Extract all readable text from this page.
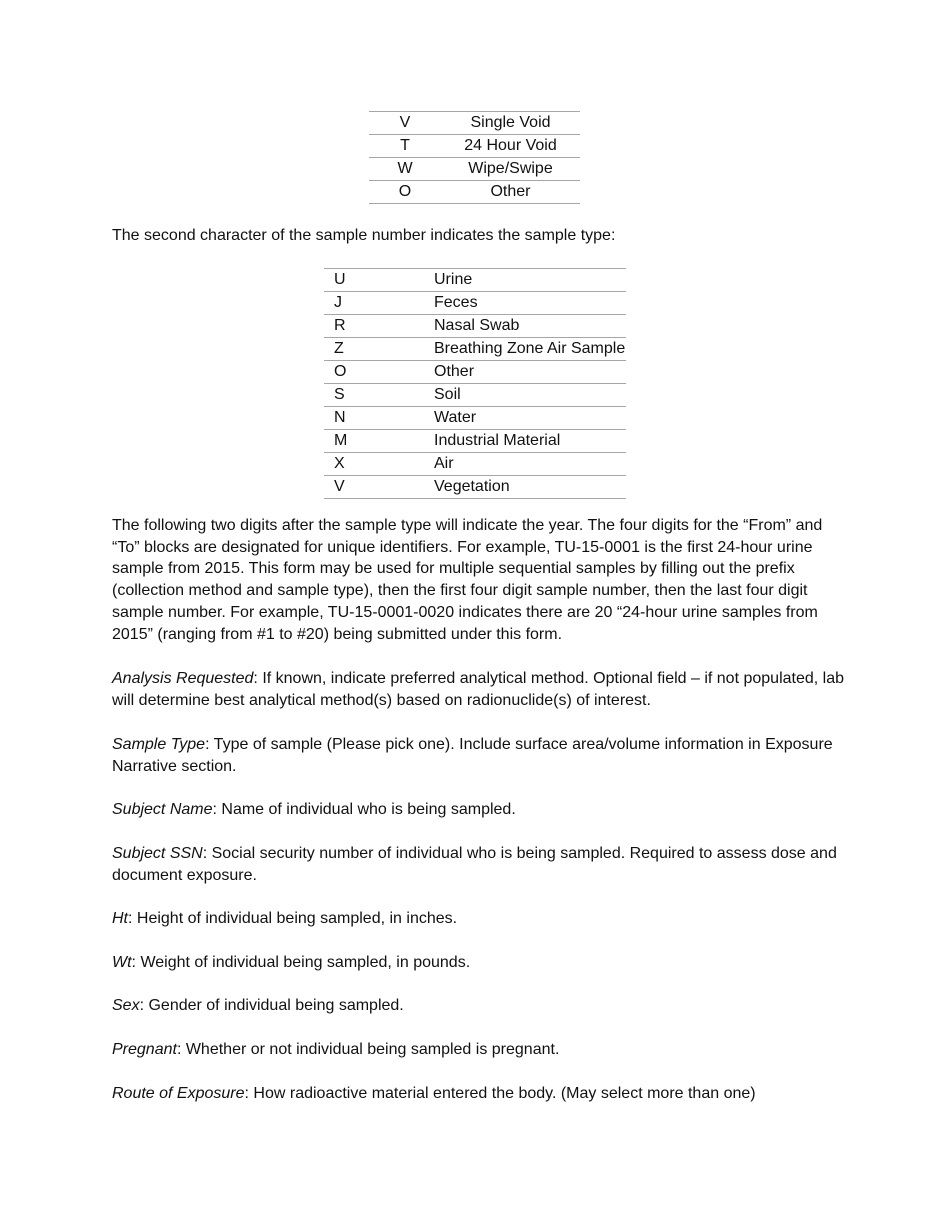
V	Single Void
T	24 Hour Void
W	Wipe/Swipe
O	Other

The second character of the sample number indicates the sample type:

U	Urine
J	Feces
R	Nasal Swab
Z	Breathing Zone Air Sample
O	Other
S	Soil
N	Water
M	Industrial Material
X	Air
V	Vegetation

The following two digits after the sample type will indicate the year. The four digits for the “From” and “To” blocks are designated for unique identifiers. For example, TU-15-0001 is the first 24-hour urine sample from 2015. This form may be used for multiple sequential samples by filling out the prefix (collection method and sample type), then the first four digit sample number, then the last four digit sample number. For example, TU-15-0001-0020 indicates there are 20 “24-hour urine samples from 2015” (ranging from #1 to #20) being submitted under this form.

Analysis Requested: If known, indicate preferred analytical method. Optional field – if not populated, lab will determine best analytical method(s) based on radionuclide(s) of interest.

Sample Type: Type of sample (Please pick one). Include surface area/volume information in Exposure Narrative section.

Subject Name: Name of individual who is being sampled.

Subject SSN: Social security number of individual who is being sampled. Required to assess dose and document exposure.

Ht: Height of individual being sampled, in inches.

Wt: Weight of individual being sampled, in pounds.

Sex: Gender of individual being sampled.

Pregnant: Whether or not individual being sampled is pregnant.

Route of Exposure: How radioactive material entered the body. (May select more than one)
